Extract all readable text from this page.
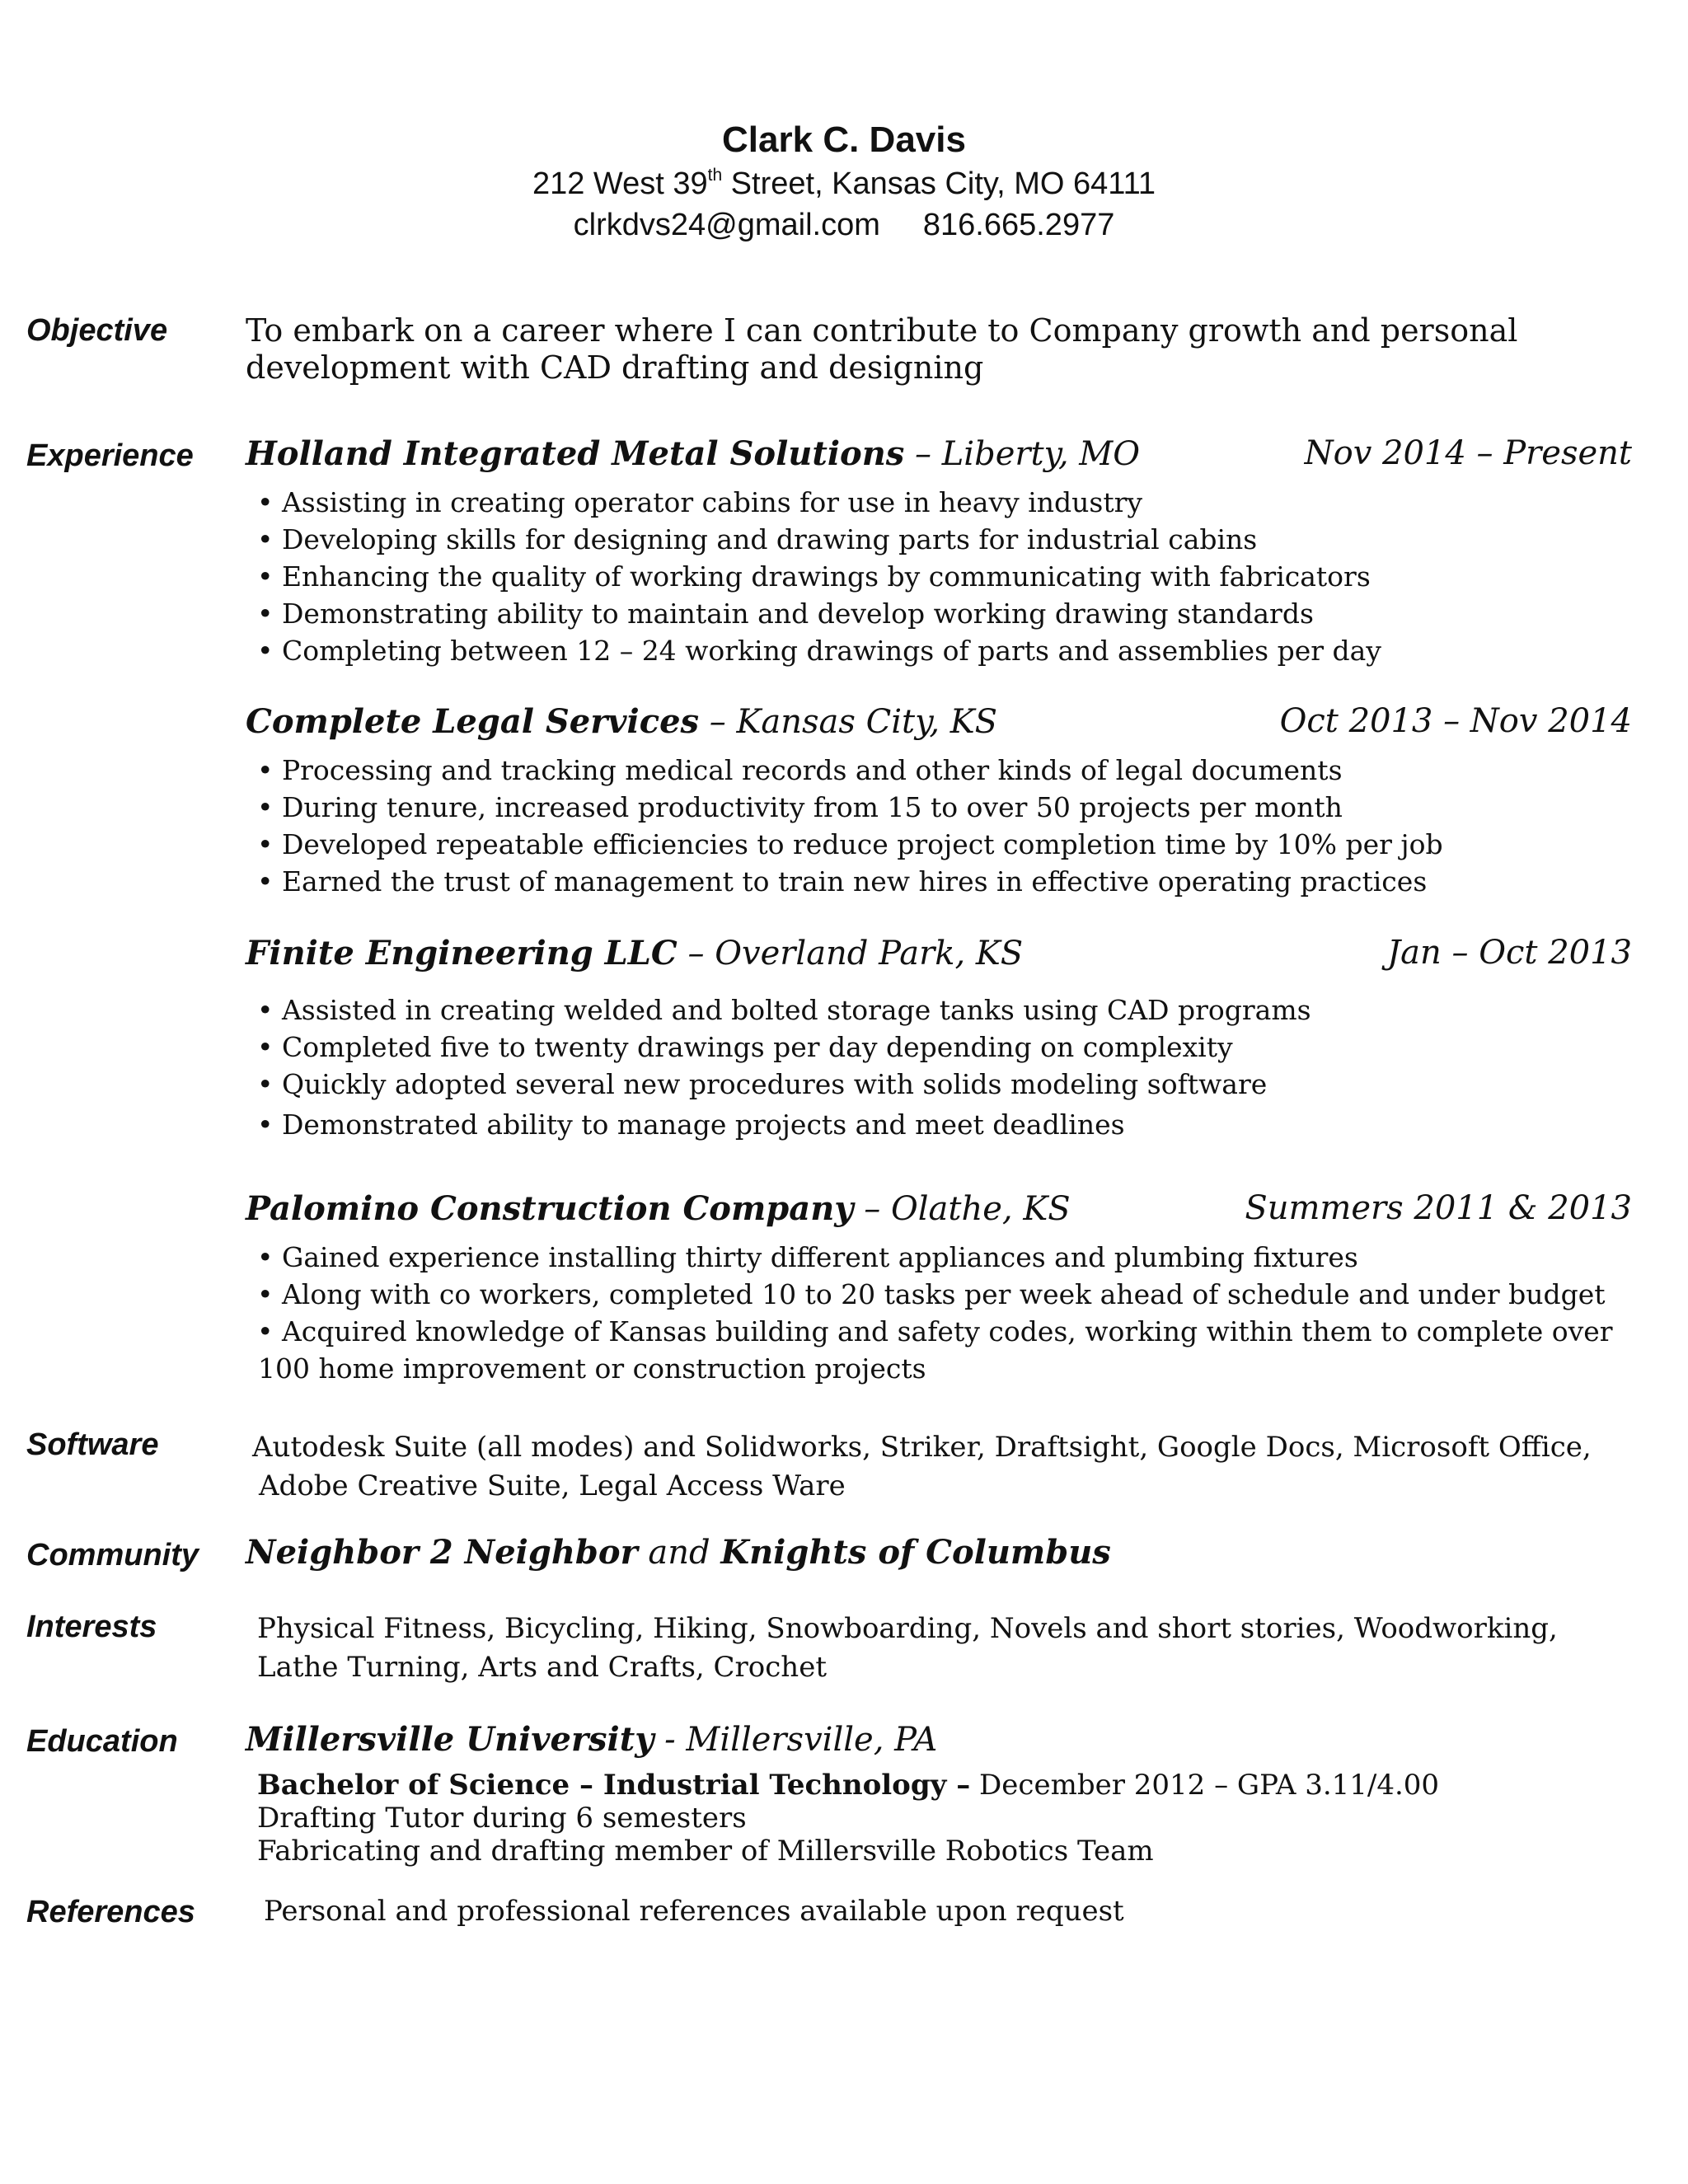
Clark C. Davis
212 West 39th Street, Kansas City, MO 64111
clrkdvs24@gmail.com 816.665.2977
Objective To embark on a career where I can contribute to Company growth and personal
development with CAD drafting and designing
Experience Holland Integrated Metal Solutions – Liberty, MO	Nov 2014 – Present
• Assisting in creating operator cabins for use in heavy industry
• Developing skills for designing and drawing parts for industrial cabins
• Enhancing the quality of working drawings by communicating with fabricators
• Demonstrating ability to maintain and develop working drawing standards
• Completing between 12 – 24 working drawings of parts and assemblies per day
Complete Legal Services – Kansas City, KS	Oct 2013 – Nov 2014
• Processing and tracking medical records and other kinds of legal documents
• During tenure, increased productivity from 15 to over 50 projects per month
• Developed repeatable efficiencies to reduce project completion time by 10% per job
• Earned the trust of management to train new hires in effective operating practices
Finite Engineering LLC – Overland Park, KS	Jan – Oct 2013
• Assisted in creating welded and bolted storage tanks using CAD programs
• Completed five to twenty drawings per day depending on complexity
• Quickly adopted several new procedures with solids modeling software
• Demonstrated ability to manage projects and meet deadlines
Palomino Construction Company – Olathe, KS	Summers 2011 & 2013
• Gained experience installing thirty different appliances and plumbing fixtures
• Along with co workers, completed 10 to 20 tasks per week ahead of schedule and under budget
• Acquired knowledge of Kansas building and safety codes, working within them to complete over
100 home improvement or construction projects
Software	Autodesk Suite (all modes) and Solidworks, Striker, Draftsight, Google Docs, Microsoft Office,
Adobe Creative Suite, Legal Access Ware
Community Neighbor 2 Neighbor and Knights of Columbus
Interests	Physical Fitness, Bicycling, Hiking, Snowboarding, Novels and short stories, Woodworking,
Lathe Turning, Arts and Crafts, Crochet
Education Millersville University - Millersville, PA
Bachelor of Science – Industrial Technology – December 2012 – GPA 3.11/4.00
Drafting Tutor during 6 semesters
Fabricating and drafting member of Millersville Robotics Team
References Personal and professional references available upon request
